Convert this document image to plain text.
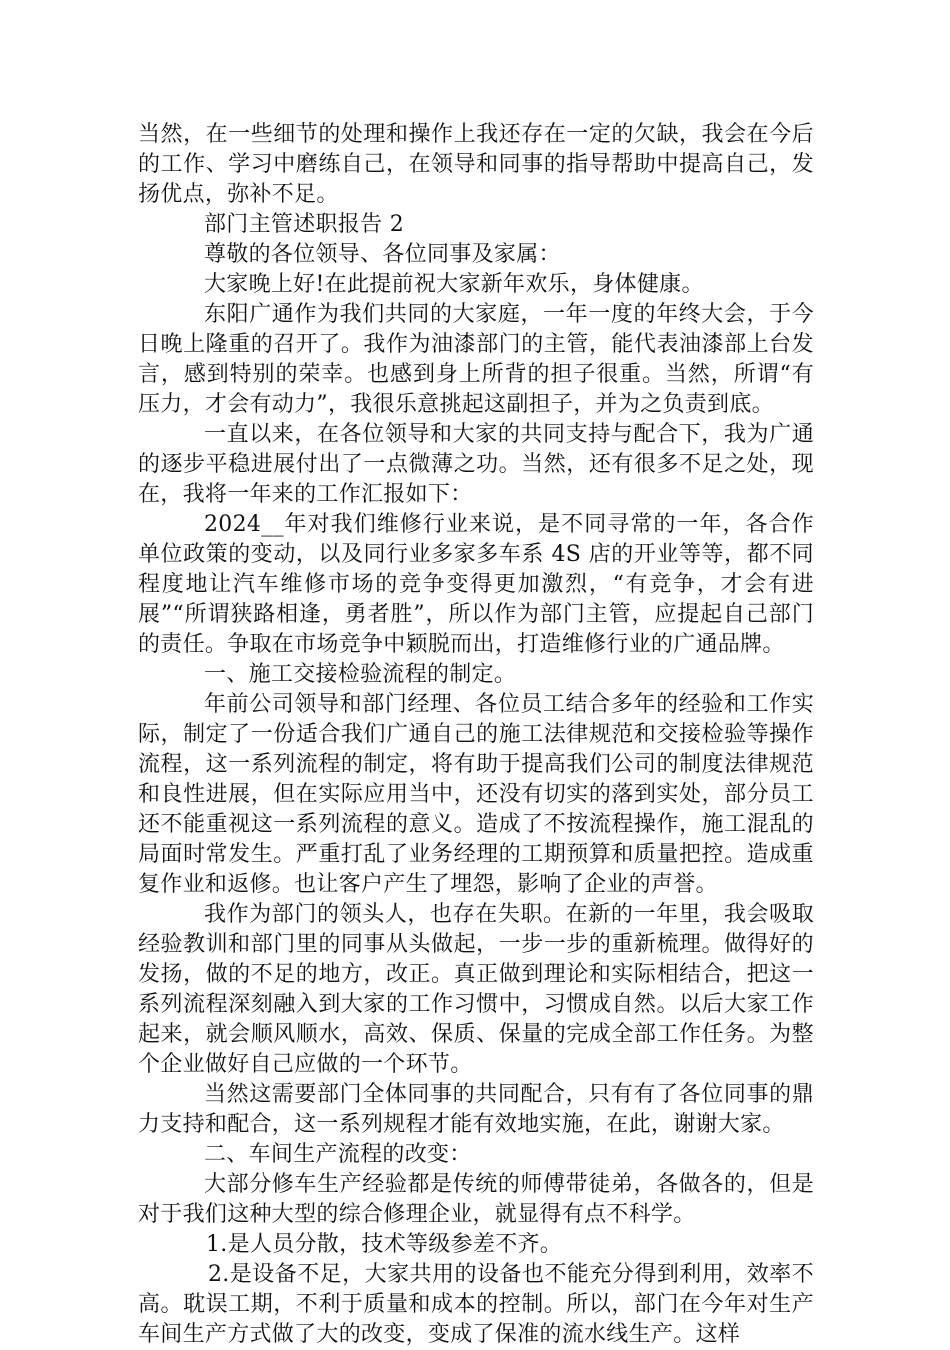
当然，在一些细节的处理和操作上我还存在一定的欠缺，我会在今后的工作、学习中磨练自己，在领导和同事的指导帮助中提高自己，发扬优点，弥补不足。

部门主管述职报告 2

尊敬的各位领导、各位同事及家属：

大家晚上好!在此提前祝大家新年欢乐，身体健康。

东阳广通作为我们共同的大家庭，一年一度的年终大会，于今日晚上隆重的召开了。我作为油漆部门的主管，能代表油漆部上台发言，感到特别的荣幸。也感到身上所背的担子很重。当然，所谓“有压力，才会有动力”，我很乐意挑起这副担子，并为之负责到底。

一直以来，在各位领导和大家的共同支持与配合下，我为广通的逐步平稳进展付出了一点微薄之功。当然，还有很多不足之处，现在，我将一年来的工作汇报如下：

2024__年对我们维修行业来说，是不同寻常的一年，各合作单位政策的变动，以及同行业多家多车系 4S 店的开业等等，都不同程度地让汽车维修市场的竞争变得更加激烈，“有竞争，才会有进展”“所谓狭路相逢，勇者胜”，所以作为部门主管，应提起自己部门的责任。争取在市场竞争中颖脱而出，打造维修行业的广通品牌。

一、施工交接检验流程的制定。

年前公司领导和部门经理、各位员工结合多年的经验和工作实际，制定了一份适合我们广通自己的施工法律规范和交接检验等操作流程，这一系列流程的制定，将有助于提高我们公司的制度法律规范和良性进展，但在实际应用当中，还没有切实的落到实处，部分员工还不能重视这一系列流程的意义。造成了不按流程操作，施工混乱的局面时常发生。严重打乱了业务经理的工期预算和质量把控。造成重复作业和返修。也让客户产生了埋怨，影响了企业的声誉。

我作为部门的领头人，也存在失职。在新的一年里，我会吸取经验教训和部门里的同事从头做起，一步一步的重新梳理。做得好的发扬，做的不足的地方，改正。真正做到理论和实际相结合，把这一系列流程深刻融入到大家的工作习惯中，习惯成自然。以后大家工作起来，就会顺风顺水，高效、保质、保量的完成全部工作任务。为整个企业做好自己应做的一个环节。

当然这需要部门全体同事的共同配合，只有有了各位同事的鼎力支持和配合，这一系列规程才能有效地实施，在此，谢谢大家。

二、车间生产流程的改变：

大部分修车生产经验都是传统的师傅带徒弟，各做各的，但是对于我们这种大型的综合修理企业，就显得有点不科学。

1.是人员分散，技术等级参差不齐。

2.是设备不足，大家共用的设备也不能充分得到利用，效率不高。耽误工期，不利于质量和成本的控制。所以，部门在今年对生产车间生产方式做了大的改变，变成了保准的流水线生产。这样
